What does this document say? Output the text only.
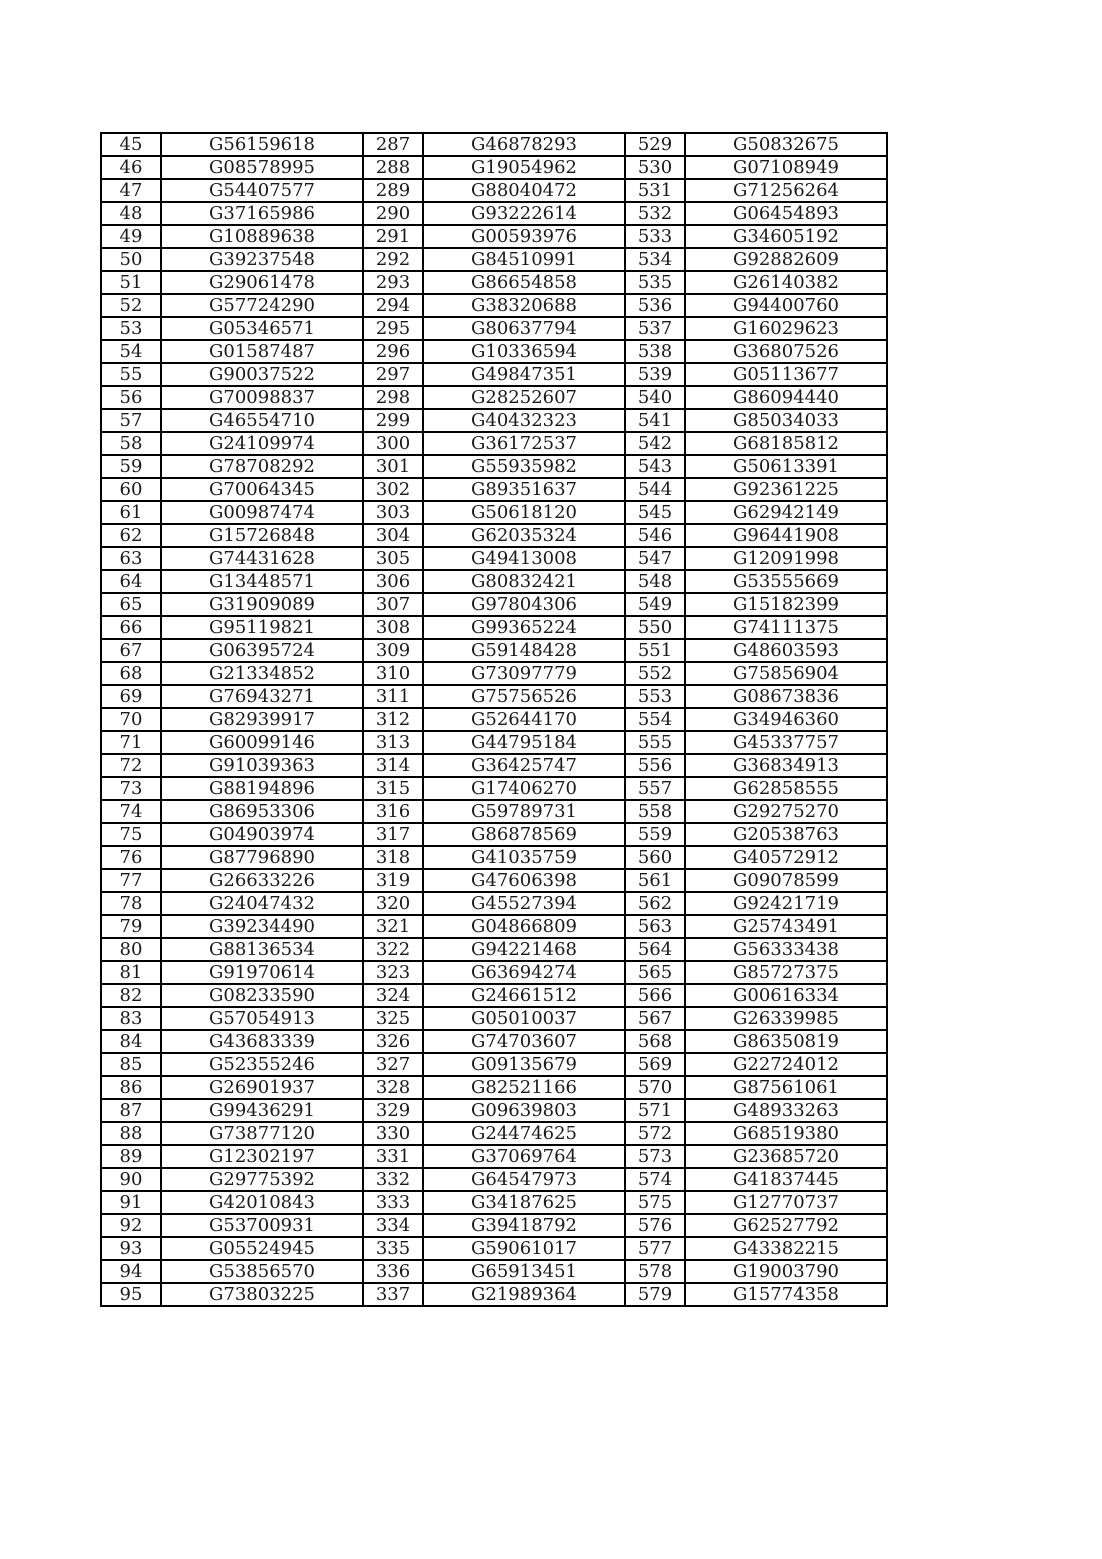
45	G56159618	287	G46878293	529	G50832675
46	G08578995	288	G19054962	530	G07108949
47	G54407577	289	G88040472	531	G71256264
48	G37165986	290	G93222614	532	G06454893
49	G10889638	291	G00593976	533	G34605192
50	G39237548	292	G84510991	534	G92882609
51	G29061478	293	G86654858	535	G26140382
52	G57724290	294	G38320688	536	G94400760
53	G05346571	295	G80637794	537	G16029623
54	G01587487	296	G10336594	538	G36807526
55	G90037522	297	G49847351	539	G05113677
56	G70098837	298	G28252607	540	G86094440
57	G46554710	299	G40432323	541	G85034033
58	G24109974	300	G36172537	542	G68185812
59	G78708292	301	G55935982	543	G50613391
60	G70064345	302	G89351637	544	G92361225
61	G00987474	303	G50618120	545	G62942149
62	G15726848	304	G62035324	546	G96441908
63	G74431628	305	G49413008	547	G12091998
64	G13448571	306	G80832421	548	G53555669
65	G31909089	307	G97804306	549	G15182399
66	G95119821	308	G99365224	550	G74111375
67	G06395724	309	G59148428	551	G48603593
68	G21334852	310	G73097779	552	G75856904
69	G76943271	311	G75756526	553	G08673836
70	G82939917	312	G52644170	554	G34946360
71	G60099146	313	G44795184	555	G45337757
72	G91039363	314	G36425747	556	G36834913
73	G88194896	315	G17406270	557	G62858555
74	G86953306	316	G59789731	558	G29275270
75	G04903974	317	G86878569	559	G20538763
76	G87796890	318	G41035759	560	G40572912
77	G26633226	319	G47606398	561	G09078599
78	G24047432	320	G45527394	562	G92421719
79	G39234490	321	G04866809	563	G25743491
80	G88136534	322	G94221468	564	G56333438
81	G91970614	323	G63694274	565	G85727375
82	G08233590	324	G24661512	566	G00616334
83	G57054913	325	G05010037	567	G26339985
84	G43683339	326	G74703607	568	G86350819
85	G52355246	327	G09135679	569	G22724012
86	G26901937	328	G82521166	570	G87561061
87	G99436291	329	G09639803	571	G48933263
88	G73877120	330	G24474625	572	G68519380
89	G12302197	331	G37069764	573	G23685720
90	G29775392	332	G64547973	574	G41837445
91	G42010843	333	G34187625	575	G12770737
92	G53700931	334	G39418792	576	G62527792
93	G05524945	335	G59061017	577	G43382215
94	G53856570	336	G65913451	578	G19003790
95	G73803225	337	G21989364	579	G15774358
